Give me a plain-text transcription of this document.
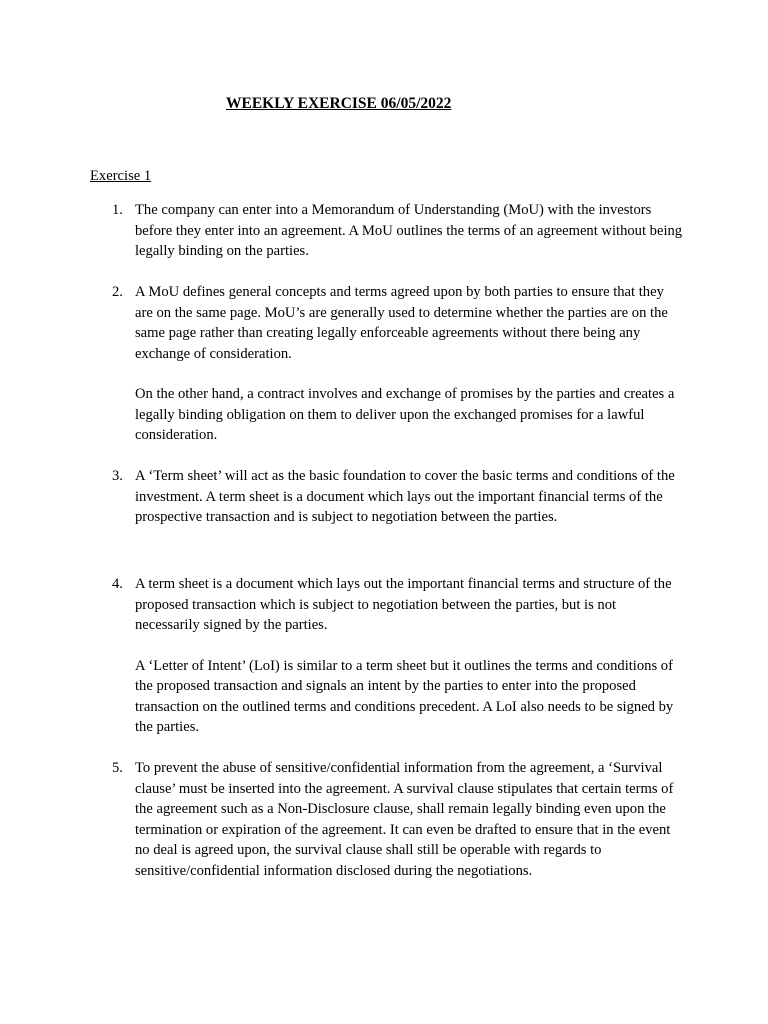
WEEKLY EXERCISE 06/05/2022
Exercise 1
1. The company can enter into a Memorandum of Understanding (MoU) with the investors before they enter into an agreement. A MoU outlines the terms of an agreement without being legally binding on the parties.
2. A MoU defines general concepts and terms agreed upon by both parties to ensure that they are on the same page. MoU’s are generally used to determine whether the parties are on the same page rather than creating legally enforceable agreements without there being any exchange of consideration.
On the other hand, a contract involves and exchange of promises by the parties and creates a legally binding obligation on them to deliver upon the exchanged promises for a lawful consideration.
3. A ‘Term sheet’ will act as the basic foundation to cover the basic terms and conditions of the investment. A term sheet is a document which lays out the important financial terms of the prospective transaction and is subject to negotiation between the parties.
4. A term sheet is a document which lays out the important financial terms and structure of the proposed transaction which is subject to negotiation between the parties, but is not necessarily signed by the parties.
A ‘Letter of Intent’ (LoI) is similar to a term sheet but it outlines the terms and conditions of the proposed transaction and signals an intent by the parties to enter into the proposed transaction on the outlined terms and conditions precedent. A LoI also needs to be signed by the parties.
5. To prevent the abuse of sensitive/confidential information from the agreement, a ‘Survival clause’ must be inserted into the agreement. A survival clause stipulates that certain terms of the agreement such as a Non-Disclosure clause, shall remain legally binding even upon the termination or expiration of the agreement. It can even be drafted to ensure that in the event no deal is agreed upon, the survival clause shall still be operable with regards to sensitive/confidential information disclosed during the negotiations.
